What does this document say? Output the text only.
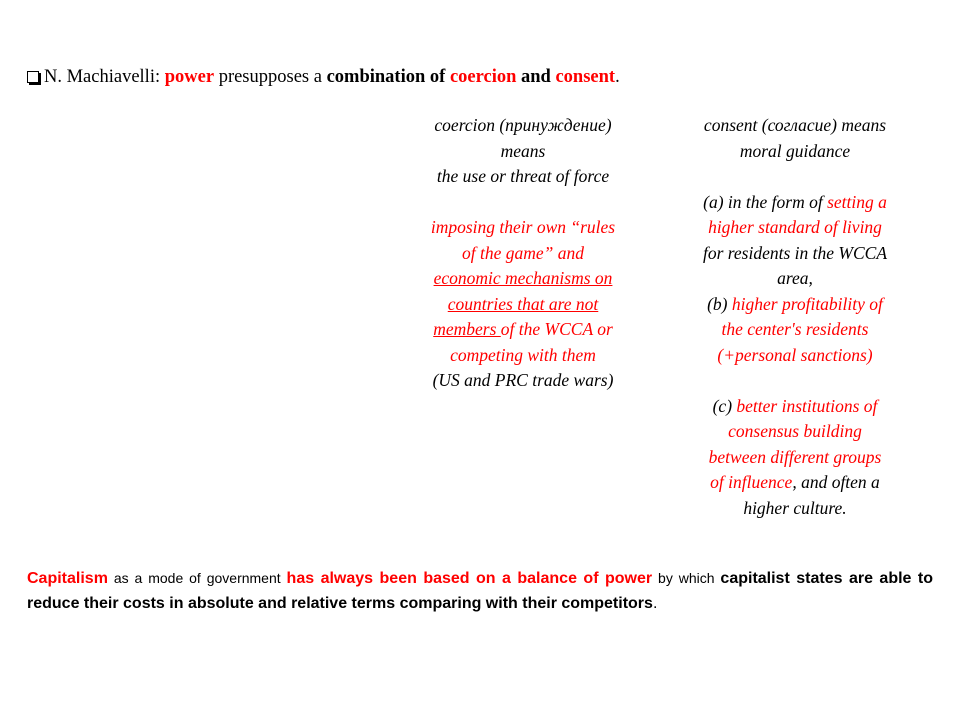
N. Machiavelli: power presupposes a combination of coercion and consent.
coercion (принуждение)
means
the use or threat of force
imposing their own “rules
of the game” and
economic mechanisms on
countries that are not
members of the WCCA or
competing with them
(US and PRC trade wars)
consent (согласие) means
moral guidance
(a) in the form of setting a
higher standard of living
for residents in the WCCA
area,
(b) higher profitability of
the center's residents
(+personal sanctions)
(c) better institutions of
consensus building
between different groups
of influence, and often a
higher culture.
Capitalism as a mode of government has always been based on a balance of power by which capitalist states are able to reduce their costs in absolute and relative terms comparing with their competitors.
